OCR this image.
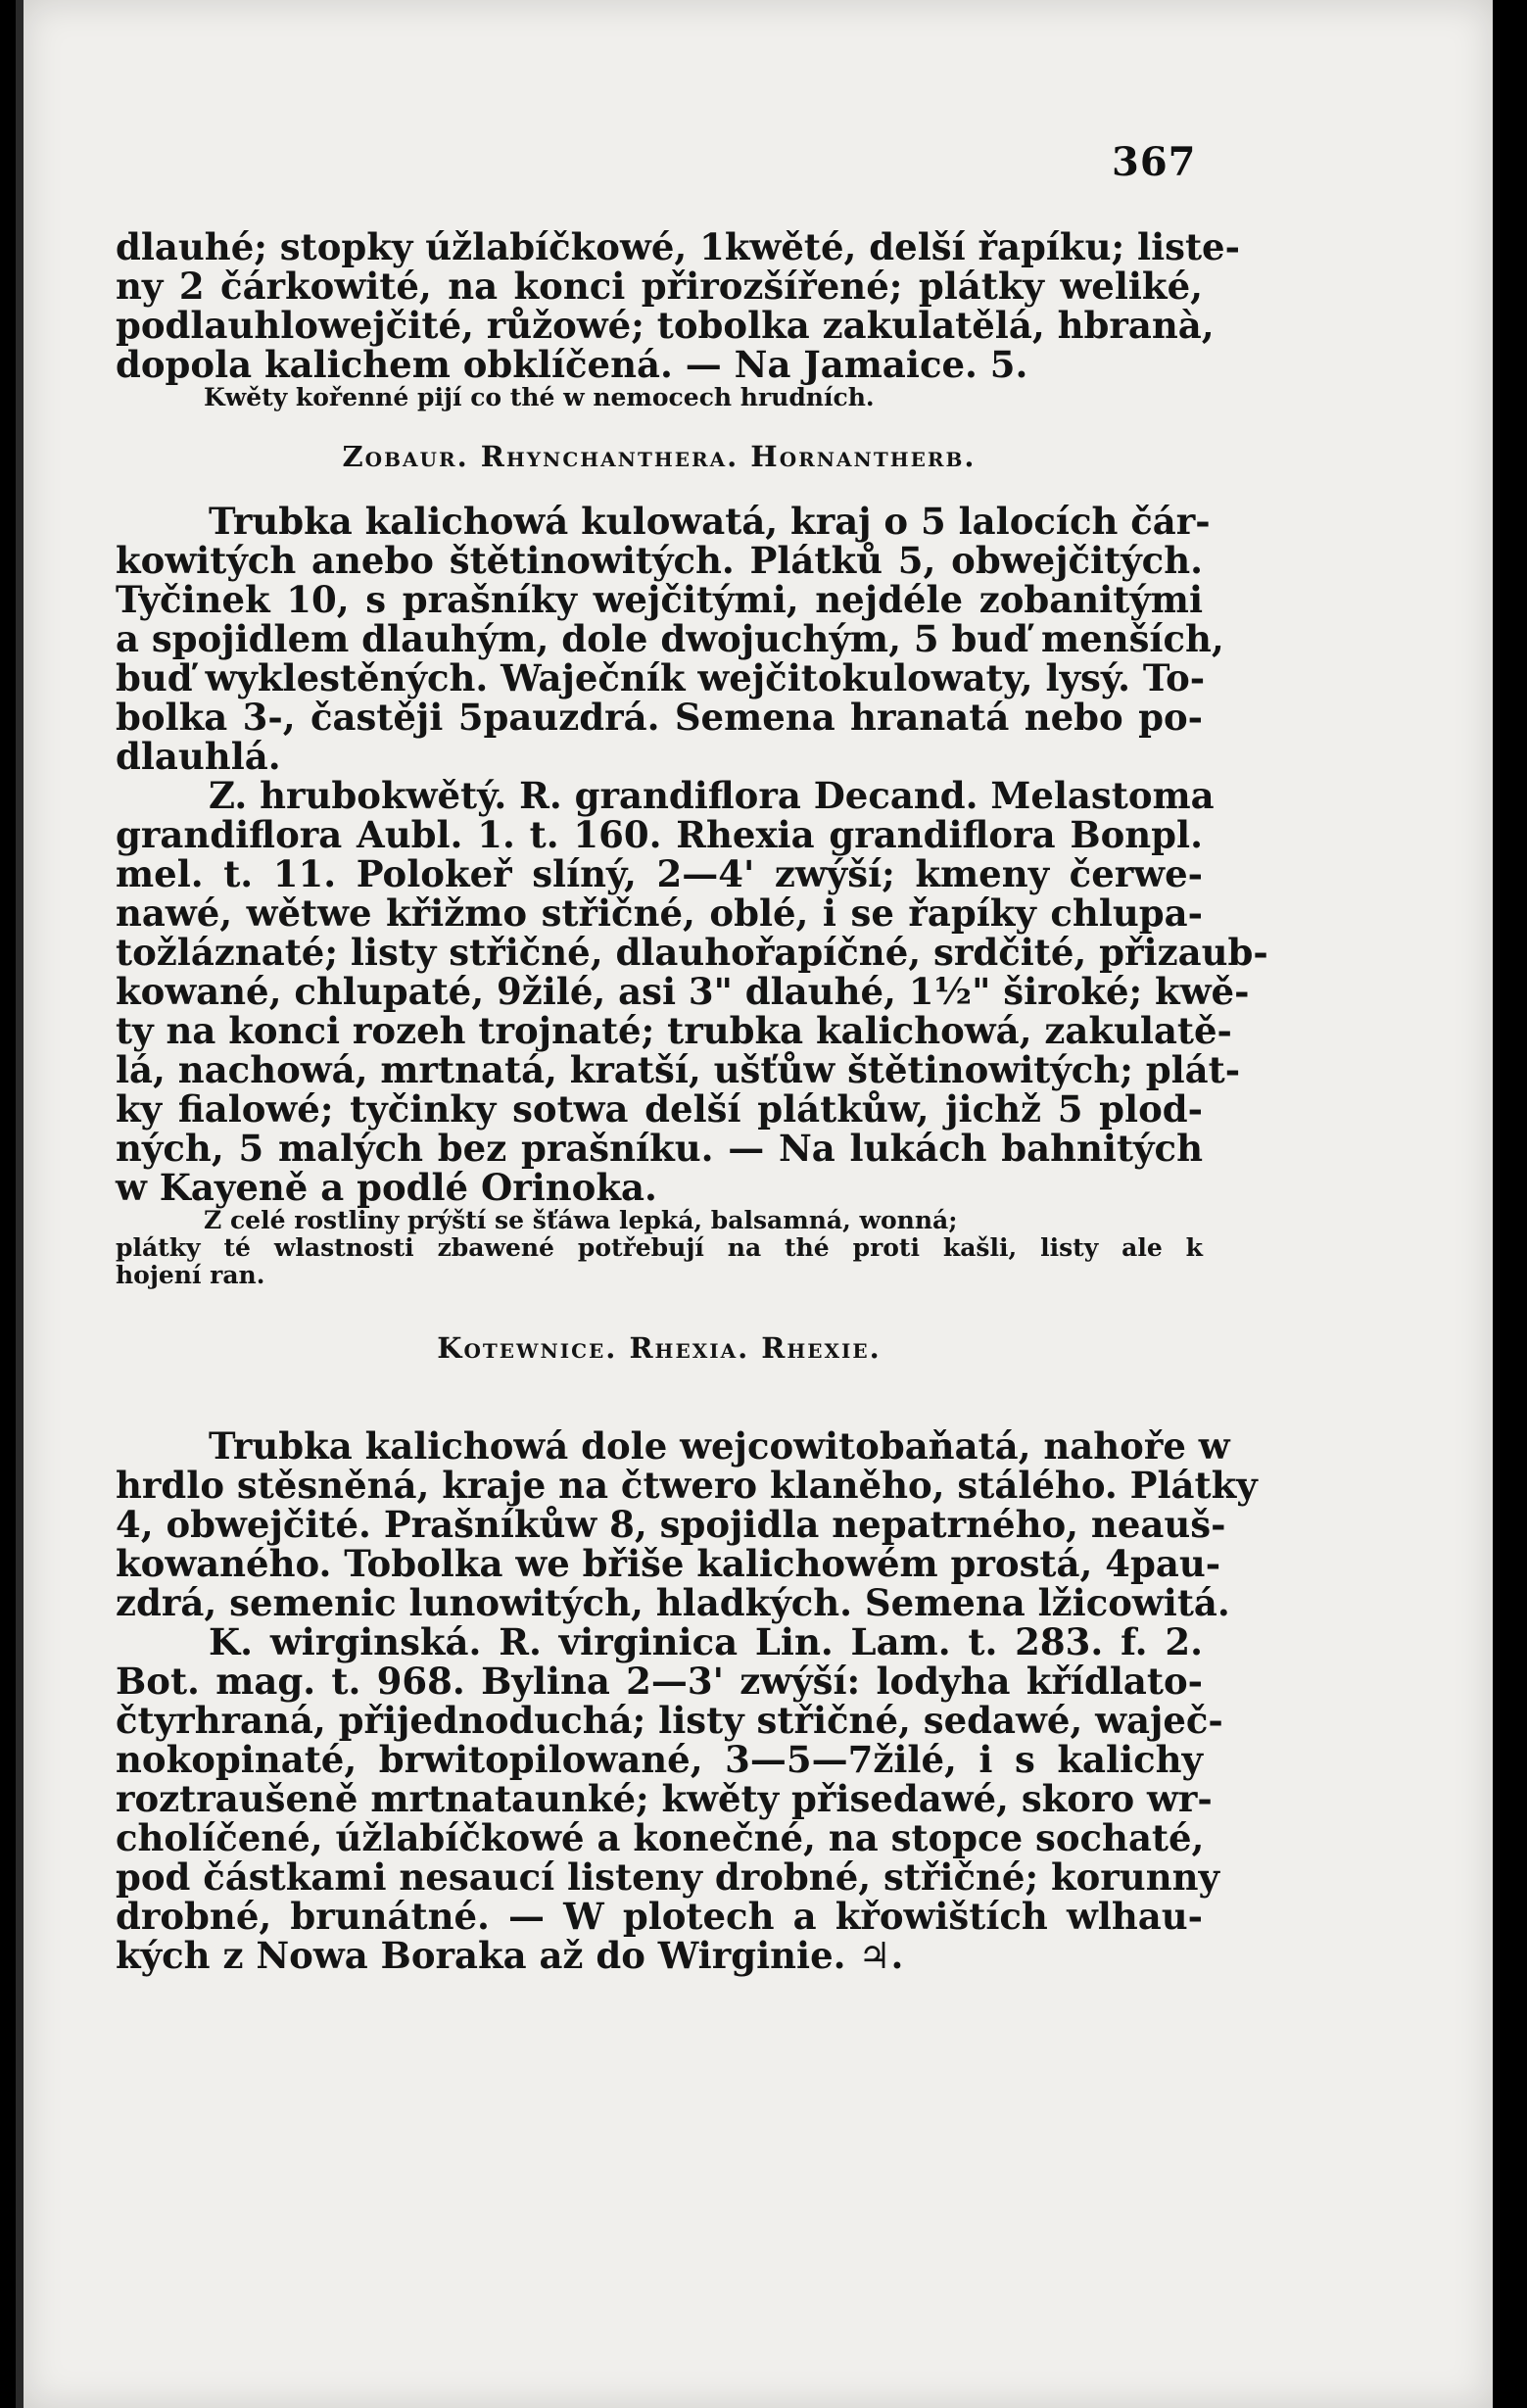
367
dlauhé; stopky úžlabíčkowé, 1kwěté, delší řapíku; liste-
ny 2 čárkowité, na konci přirozšířené; plátky weliké,
podlauhlowejčité, růžowé; tobolka zakulatělá, hbranà,
dopola kalichem obklíčená. — Na Jamaice. 5.
Kwěty kořenné pijí co thé w nemocech hrudních.
Zobaur. Rhynchanthera. Hornantherb.
Trubka kalichowá kulowatá, kraj o 5 lalocích čár-
kowitých anebo štětinowitých. Plátků 5, obwejčitých.
Tyčinek 10, s prašníky wejčitými, nejdéle zobanitými
a spojidlem dlauhým, dole dwojuchým, 5 buď menších,
buď wyklestěných. Waječník wejčitokulowaty, lysý. To-
bolka 3-, častěji 5pauzdrá. Semena hranatá nebo po-
dlauhlá.
Z. hrubokwětý. R. grandiflora Decand. Melastoma
grandiflora Aubl. 1. t. 160. Rhexia grandiflora Bonpl.
mel. t. 11. Polokeř slíný, 2—4' zwýší; kmeny čerwe-
nawé, wětwe křižmo střičné, oblé, i se řapíky chlupa-
tožláznaté; listy střičné, dlauhořapíčné, srdčité, přizaub-
kowané, chlupaté, 9žilé, asi 3" dlauhé, 1½" široké; kwě-
ty na konci rozeh trojnaté; trubka kalichowá, zakulatě-
lá, nachowá, mrtnatá, kratší, ušťůw štětinowitých; plát-
ky fialowé; tyčinky sotwa delší plátkůw, jichž 5 plod-
ných, 5 malých bez prašníku. — Na lukách bahnitých
w Kayeně a podlé Orinoka.
Z celé rostliny prýští se šťáwa lepká, balsamná, wonná;
plátky té wlastnosti zbawené potřebují na thé proti kašli, listy ale k
hojení ran.
Kotewnice. Rhexia. Rhexie.
Trubka kalichowá dole wejcowitobaňatá, nahoře w
hrdlo stěsněná, kraje na čtwero klaněho, stálého. Plátky
4, obwejčité. Prašníkůw 8, spojidla nepatrného, neauš-
kowaného. Tobolka we břiše kalichowém prostá, 4pau-
zdrá, semenic lunowitých, hladkých. Semena lžicowitá.
K. wirginská. R. virginica Lin. Lam. t. 283. f. 2.
Bot. mag. t. 968. Bylina 2—3' zwýší: lodyha křídlato-
čtyrhraná, přijednoduchá; listy střičné, sedawé, waječ-
nokopinaté, brwitopilowané, 3—5—7žilé, i s kalichy
roztraušeně mrtnataunké; kwěty přisedawé, skoro wr-
cholíčené, úžlabíčkowé a konečné, na stopce sochaté,
pod částkami nesaucí listeny drobné, střičné; korunny
drobné, brunátné. — W plotech a křowištích wlhau-
kých z Nowa Boraka až do Wirginie. ♃.
